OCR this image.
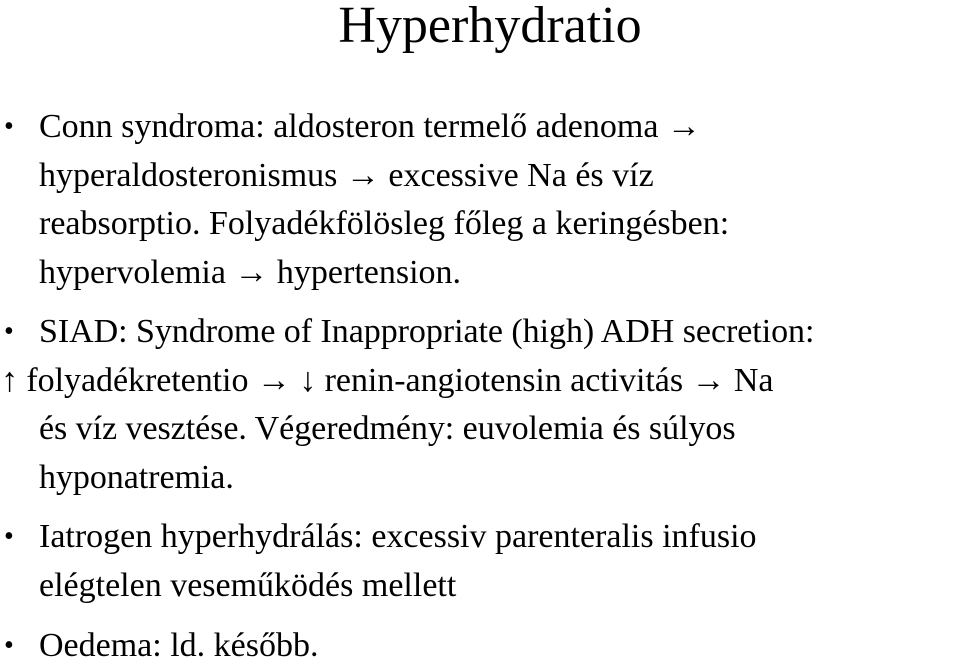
Hyperhydratio
• Conn syndroma: aldosteron termelő adenoma →
hyperaldosteronismus → excessive Na és víz
reabsorptio. Folyadékfölösleg főleg a keringésben:
hypervolemia → hypertension.
• SIAD: Syndrome of Inappropriate (high) ADH secretion:
↑ folyadékretentio → ↓ renin-angiotensin activitás → Na
és víz vesztése. Végeredmény: euvolemia és súlyos
hyponatremia.
• Iatrogen hyperhydrálás: excessiv parenteralis infusio
elégtelen veseműködés mellett
• Oedema: ld. később.
